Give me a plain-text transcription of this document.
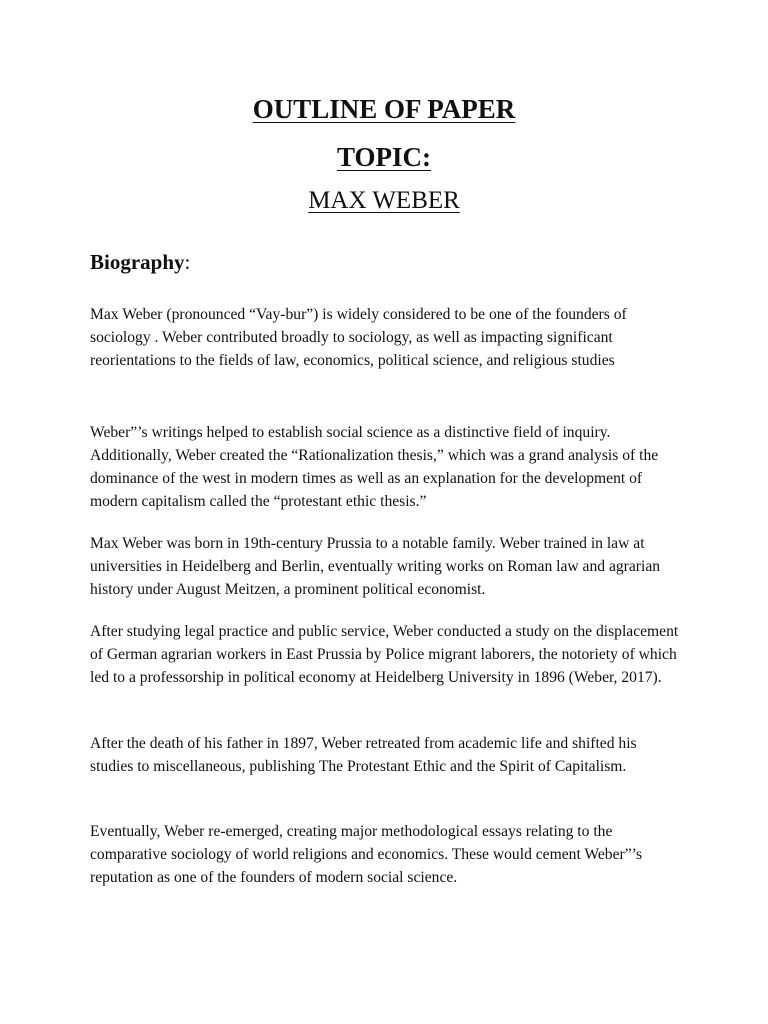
OUTLINE OF PAPER
TOPIC:
MAX WEBER
Biography:

Max Weber (pronounced “Vay-bur”) is widely considered to be one of the founders of sociology . Weber contributed broadly to sociology, as well as impacting significant reorientations to the fields of law, economics, political science, and religious studies

Weber”’s writings helped to establish social science as a distinctive field of inquiry. Additionally, Weber created the “Rationalization thesis,” which was a grand analysis of the dominance of the west in modern times as well as an explanation for the development of modern capitalism called the “protestant ethic thesis.”

Max Weber was born in 19th-century Prussia to a notable family. Weber trained in law at universities in Heidelberg and Berlin, eventually writing works on Roman law and agrarian history under August Meitzen, a prominent political economist.

After studying legal practice and public service, Weber conducted a study on the displacement of German agrarian workers in East Prussia by Police migrant laborers, the notoriety of which led to a professorship in political economy at Heidelberg University in 1896 (Weber, 2017).

After the death of his father in 1897, Weber retreated from academic life and shifted his studies to miscellaneous, publishing The Protestant Ethic and the Spirit of Capitalism.

Eventually, Weber re-emerged, creating major methodological essays relating to the comparative sociology of world religions and economics. These would cement Weber”’s reputation as one of the founders of modern social science.
